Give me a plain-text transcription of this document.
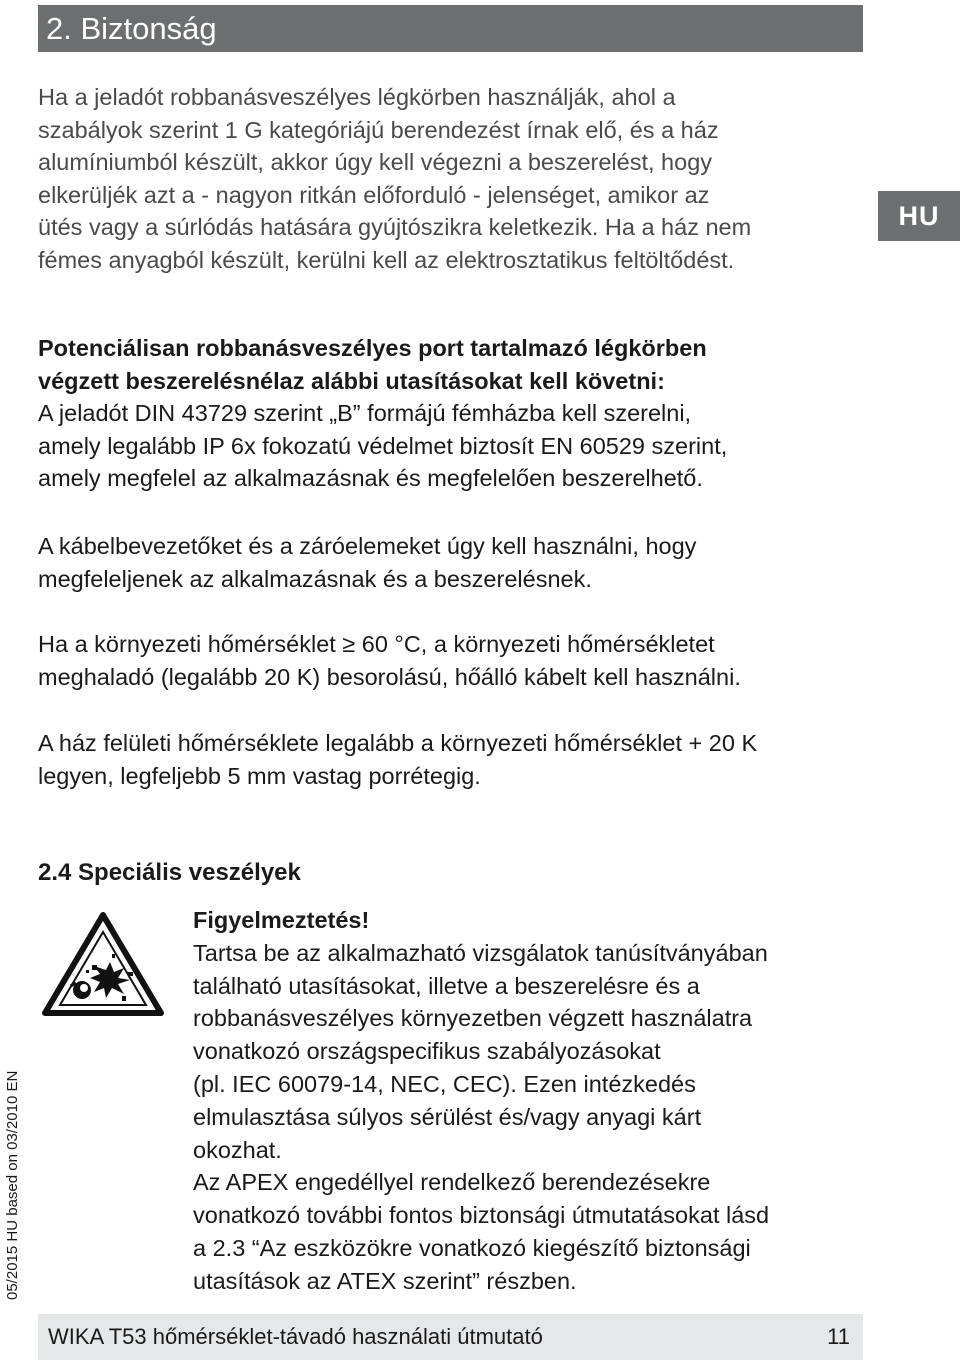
2. Biztonság
HU

Ha a jeladót robbanásveszélyes légkörben használják, ahol a
szabályok szerint 1 G kategóriájú berendezést írnak elő, és a ház
alumíniumból készült, akkor úgy kell végezni a beszerelést, hogy
elkerüljék azt a - nagyon ritkán előforduló - jelenséget, amikor az
ütés vagy a súrlódás hatására gyújtószikra keletkezik. Ha a ház nem
fémes anyagból készült, kerülni kell az elektrosztatikus feltöltődést.

Potenciálisan robbanásveszélyes port tartalmazó légkörben
végzett beszerelésnélaz alábbi utasításokat kell követni:
A jeladót DIN 43729 szerint „B” formájú fémházba kell szerelni,
amely legalább IP 6x fokozatú védelmet biztosít EN 60529 szerint,
amely megfelel az alkalmazásnak és megfelelően beszerelhető.

A kábelbevezetőket és a záróelemeket úgy kell használni, hogy
megfeleljenek az alkalmazásnak és a beszerelésnek.

Ha a környezeti hőmérséklet ≥ 60 °C, a környezeti hőmérsékletet
meghaladó (legalább 20 K) besorolású, hőálló kábelt kell használni.

A ház felületi hőmérséklete legalább a környezeti hőmérséklet + 20 K
legyen, legfeljebb 5 mm vastag porrétegig.

2.4 Speciális veszélyek

Figyelmeztetés!
Tartsa be az alkalmazható vizsgálatok tanúsítványában
található utasításokat, illetve a beszerelésre és a
robbanásveszélyes környezetben végzett használatra
vonatkozó országspecifikus szabályozásokat
(pl. IEC 60079-14, NEC, CEC). Ezen intézkedés
elmulasztása súlyos sérülést és/vagy anyagi kárt
okozhat.
Az APEX engedéllyel rendelkező berendezésekre
vonatkozó további fontos biztonsági útmutatásokat lásd
a 2.3 “Az eszközökre vonatkozó kiegészítő biztonsági
utasítások az ATEX szerint” részben.

05/2015 HU based on 03/2010 EN
WIKA T53 hőmérséklet-távadó használati útmutató	11
